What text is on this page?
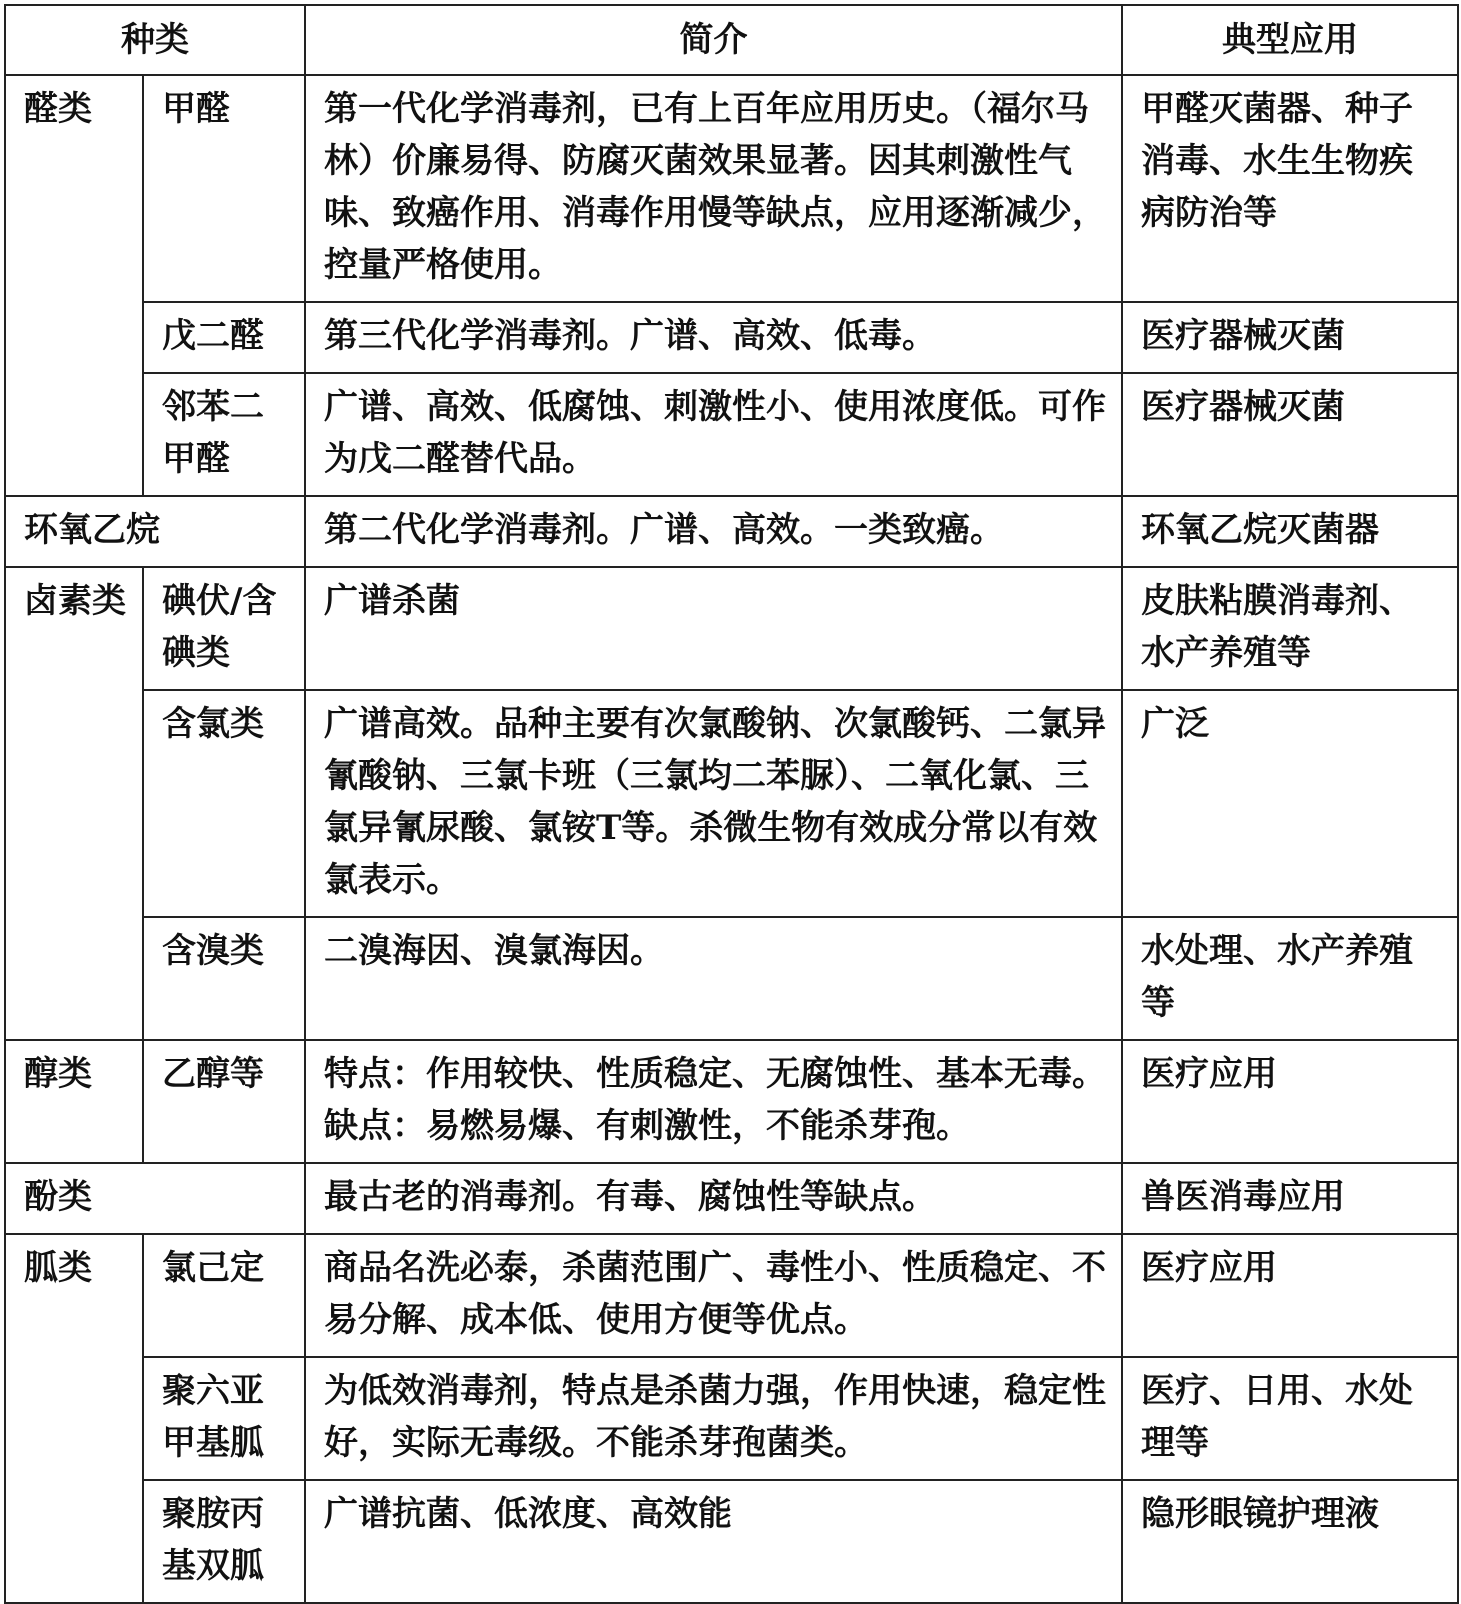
种类		简介	典型应用
醛类	甲醛	第一代化学消毒剂，已有上百年应用历史。（福尔马林）价廉易得、防腐灭菌效果显著。因其刺激性气味、致癌作用、消毒作用慢等缺点，应用逐渐减少，控量严格使用。	甲醛灭菌器、种子消毒、水生生物疾病防治等
	戊二醛	第三代化学消毒剂。广谱、高效、低毒。	医疗器械灭菌
	邻苯二甲醛	广谱、高效、低腐蚀、刺激性小、使用浓度低。可作为戊二醛替代品。	医疗器械灭菌
环氧乙烷		第二代化学消毒剂。广谱、高效。一类致癌。	环氧乙烷灭菌器
卤素类	碘伏/含碘类	广谱杀菌	皮肤粘膜消毒剂、水产养殖等
	含氯类	广谱高效。品种主要有次氯酸钠、次氯酸钙、二氯异氰酸钠、三氯卡班（三氯均二苯脲）、二氧化氯、三氯异氰尿酸、氯铵T等。杀微生物有效成分常以有效氯表示。	广泛
	含溴类	二溴海因、溴氯海因。	水处理、水产养殖等
醇类	乙醇等	特点：作用较快、性质稳定、无腐蚀性、基本无毒。缺点：易燃易爆、有刺激性，不能杀芽孢。	医疗应用
酚类		最古老的消毒剂。有毒、腐蚀性等缺点。	兽医消毒应用
胍类	氯己定	商品名洗必泰，杀菌范围广、毒性小、性质稳定、不易分解、成本低、使用方便等优点。	医疗应用
	聚六亚甲基胍	为低效消毒剂，特点是杀菌力强，作用快速，稳定性好，实际无毒级。不能杀芽孢菌类。	医疗、日用、水处理等
	聚胺丙基双胍	广谱抗菌、低浓度、高效能	隐形眼镜护理液
